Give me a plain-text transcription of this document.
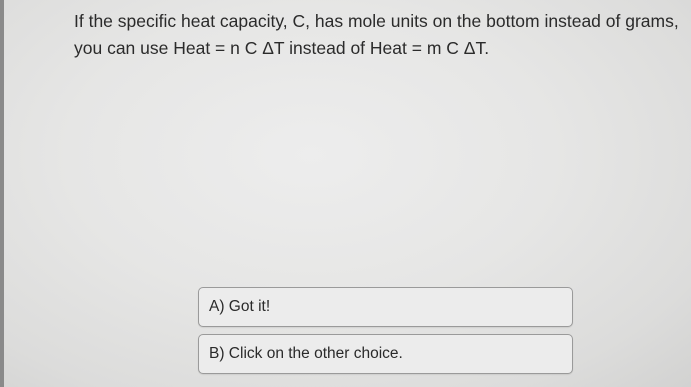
If the specific heat capacity, C, has mole units on the bottom instead of grams,
you can use Heat = n C ΔT instead of Heat = m C ΔT.

A) Got it!
B) Click on the other choice.
